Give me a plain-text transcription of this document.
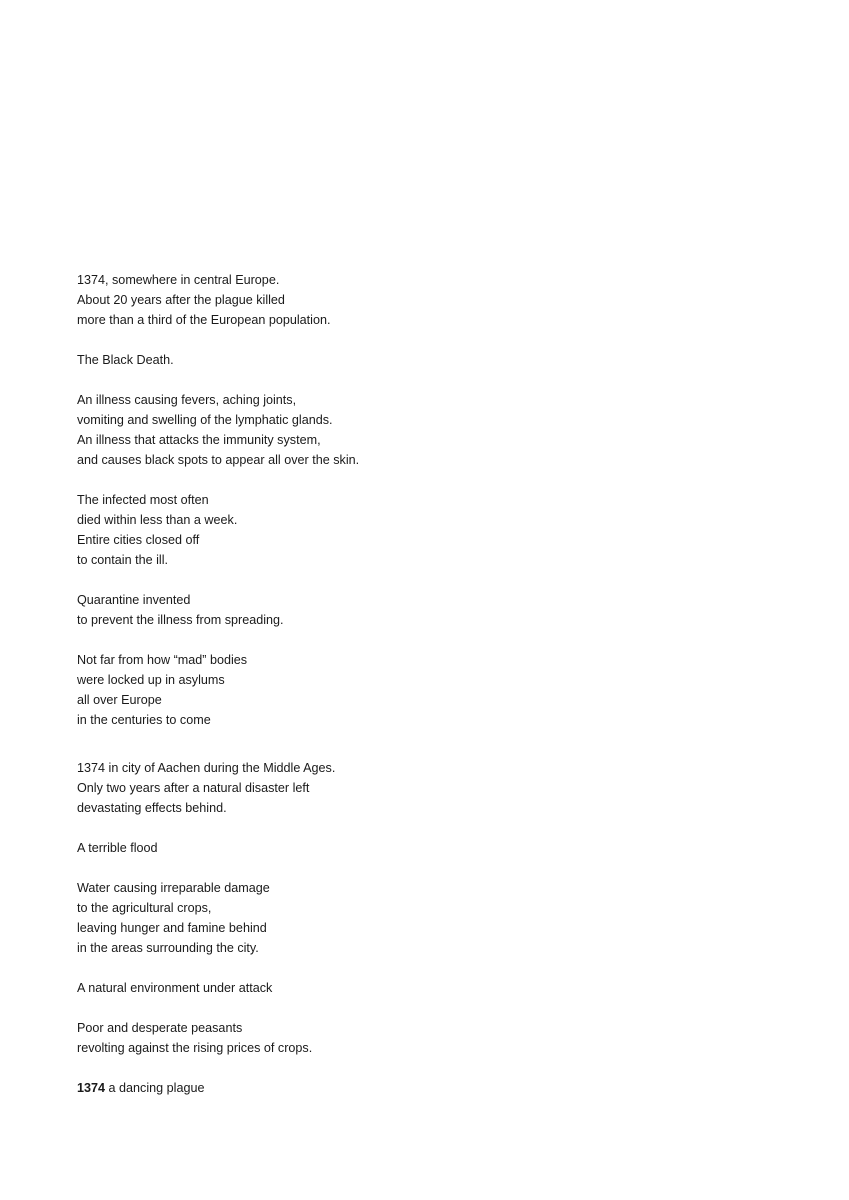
1374, somewhere in central Europe.
About 20 years after the plague killed
more than a third of the European population.
The Black Death.
An illness causing fevers, aching joints,
vomiting and swelling of the lymphatic glands.
An illness that attacks the immunity system,
and causes black spots to appear all over the skin.
The infected most often
died within less than a week.
Entire cities closed off
to contain the ill.
Quarantine invented
to prevent the illness from spreading.
Not far from how “mad” bodies
were locked up in asylums
all over Europe
in the centuries to come
1374 in city of Aachen during the Middle Ages.
Only two years after a natural disaster left
devastating effects behind.
A terrible flood
Water causing irreparable damage
to the agricultural crops,
leaving hunger and famine behind
in the areas surrounding the city.
A natural environment under attack
Poor and desperate peasants
revolting against the rising prices of crops.
1374 a dancing plague
